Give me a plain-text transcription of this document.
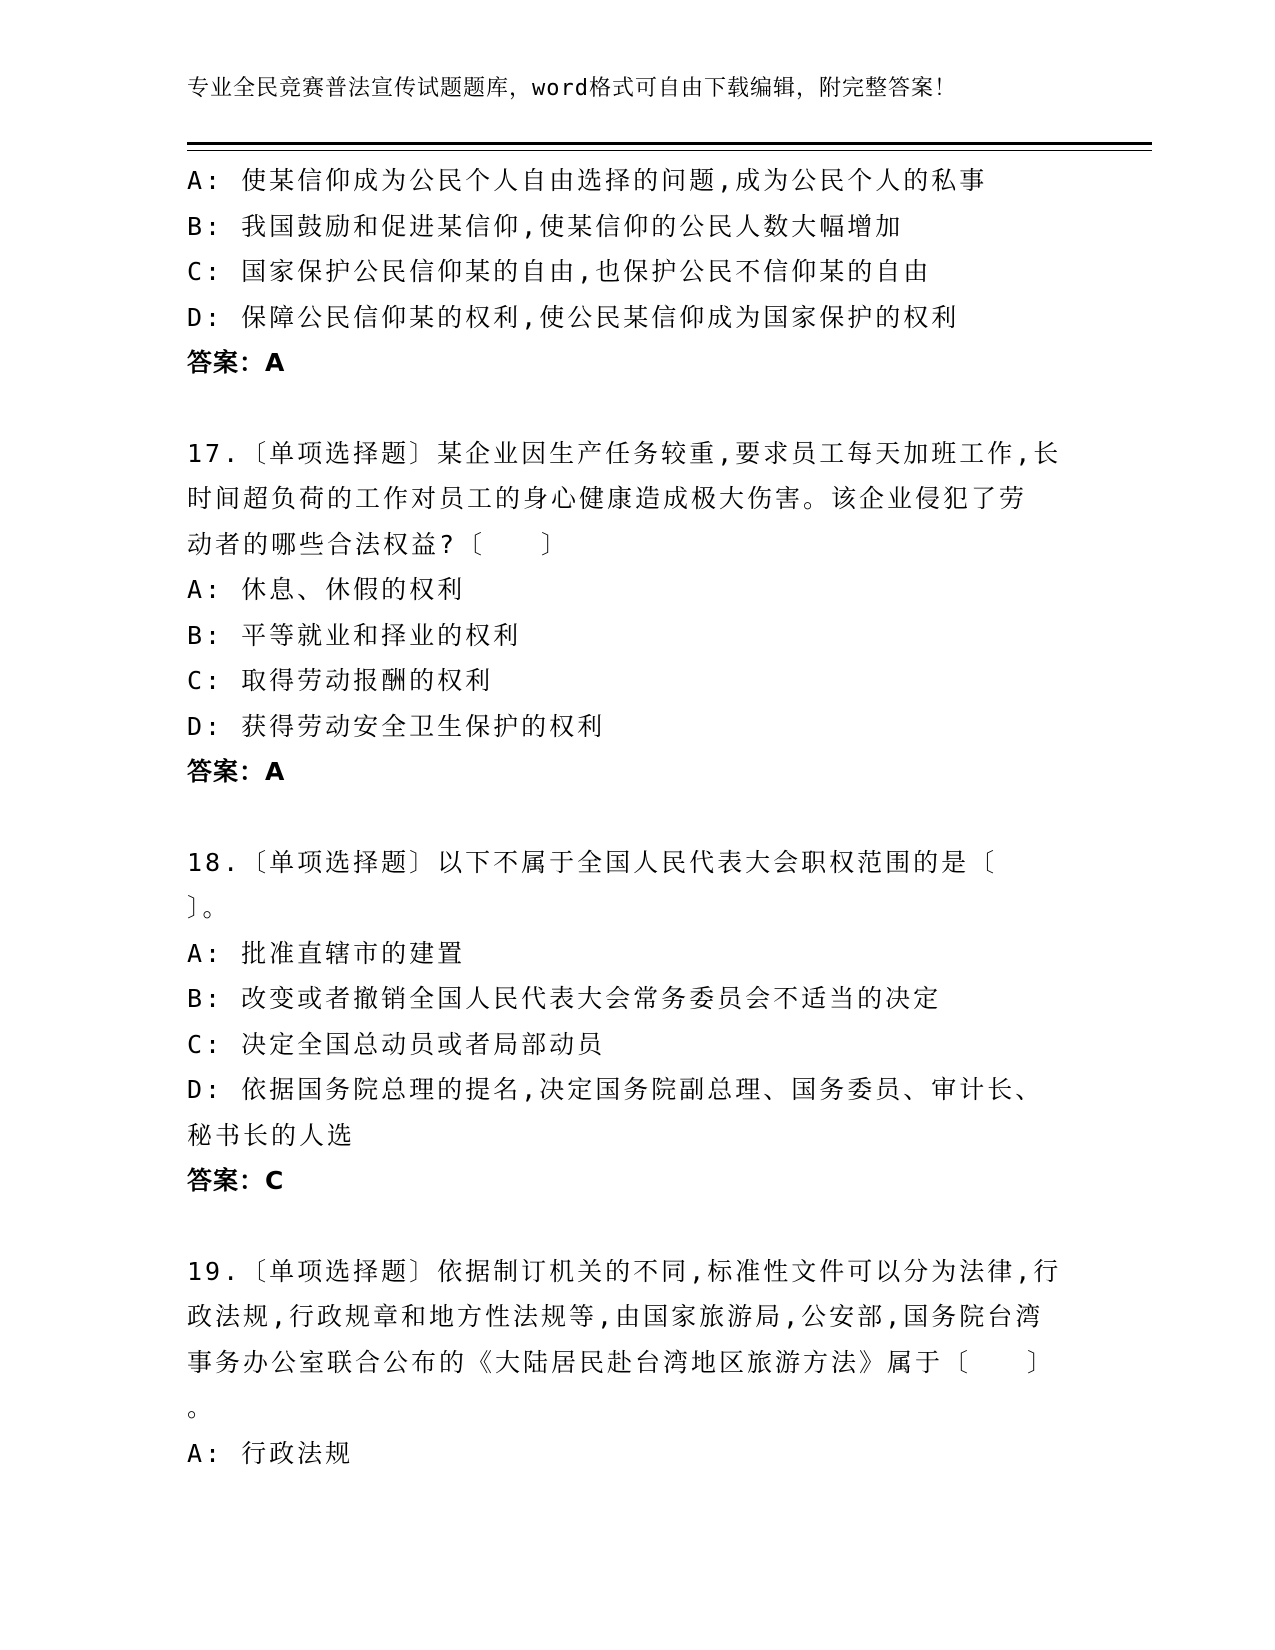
专业全民竞赛普法宣传试题题库，word格式可自由下载编辑，附完整答案！
A: 使某信仰成为公民个人自由选择的问题,成为公民个人的私事
B: 我国鼓励和促进某信仰,使某信仰的公民人数大幅增加
C: 国家保护公民信仰某的自由,也保护公民不信仰某的自由
D: 保障公民信仰某的权利,使公民某信仰成为国家保护的权利
答案：A
17.〔单项选择题〕某企业因生产任务较重,要求员工每天加班工作,长
时间超负荷的工作对员工的身心健康造成极大伤害。该企业侵犯了劳
动者的哪些合法权益?〔　　〕
A: 休息、休假的权利
B: 平等就业和择业的权利
C: 取得劳动报酬的权利
D: 获得劳动安全卫生保护的权利
答案：A
18.〔单项选择题〕以下不属于全国人民代表大会职权范围的是〔
〕。
A: 批准直辖市的建置
B: 改变或者撤销全国人民代表大会常务委员会不适当的决定
C: 决定全国总动员或者局部动员
D: 依据国务院总理的提名,决定国务院副总理、国务委员、审计长、
秘书长的人选
答案：C
19.〔单项选择题〕依据制订机关的不同,标准性文件可以分为法律,行
政法规,行政规章和地方性法规等,由国家旅游局,公安部,国务院台湾
事务办公室联合公布的《大陆居民赴台湾地区旅游方法》属于〔　　〕
。
A: 行政法规
